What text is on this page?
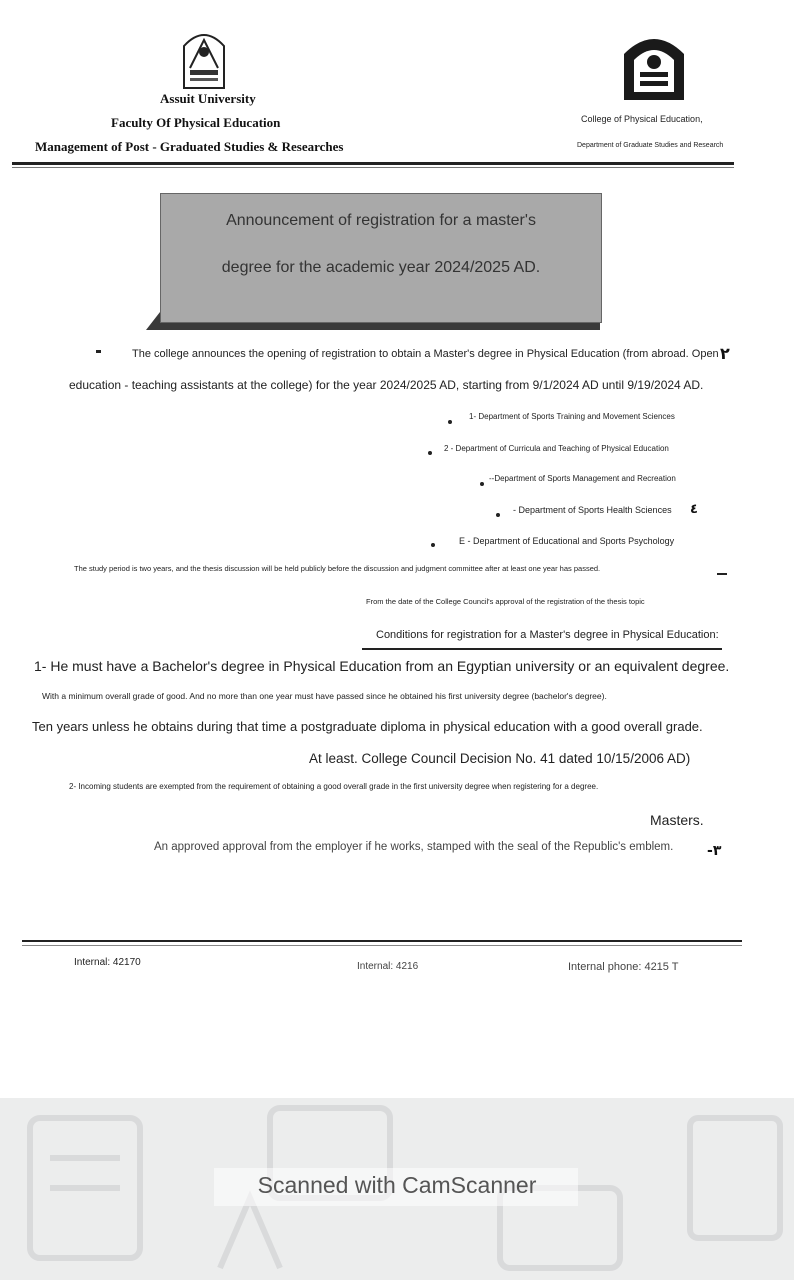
Assuit University
Faculty Of Physical Education
Management of Post - Graduated Studies & Researches
College of Physical Education,
Department of Graduate Studies and Research
Announcement of registration for a master's
degree for the academic year 2024/2025 AD.
The college announces the opening of registration to obtain a Master's degree in Physical Education (from abroad. Open ٢
education - teaching assistants at the college) for the year 2024/2025 AD, starting from 9/1/2024 AD until 9/19/2024 AD.
1- Department of Sports Training and Movement Sciences
2 - Department of Curricula and Teaching of Physical Education
--Department of Sports Management and Recreation
- Department of Sports Health Sciences ٤
E - Department of Educational and Sports Psychology
The study period is two years, and the thesis discussion will be held publicly before the discussion and judgment committee after at least one year has passed.
From the date of the College Council's approval of the registration of the thesis topic
Conditions for registration for a Master's degree in Physical Education:
1- He must have a Bachelor's degree in Physical Education from an Egyptian university or an equivalent degree.
With a minimum overall grade of good. And no more than one year must have passed since he obtained his first university degree (bachelor's degree).
Ten years unless he obtains during that time a postgraduate diploma in physical education with a good overall grade.
At least. College Council Decision No. 41 dated 10/15/2006 AD)
2- Incoming students are exempted from the requirement of obtaining a good overall grade in the first university degree when registering for a degree.
Masters.
An approved approval from the employer if he works, stamped with the seal of the Republic's emblem. -٣
Internal: 42170	Internal: 4216	Internal phone: 4215 T
Scanned with CamScanner
